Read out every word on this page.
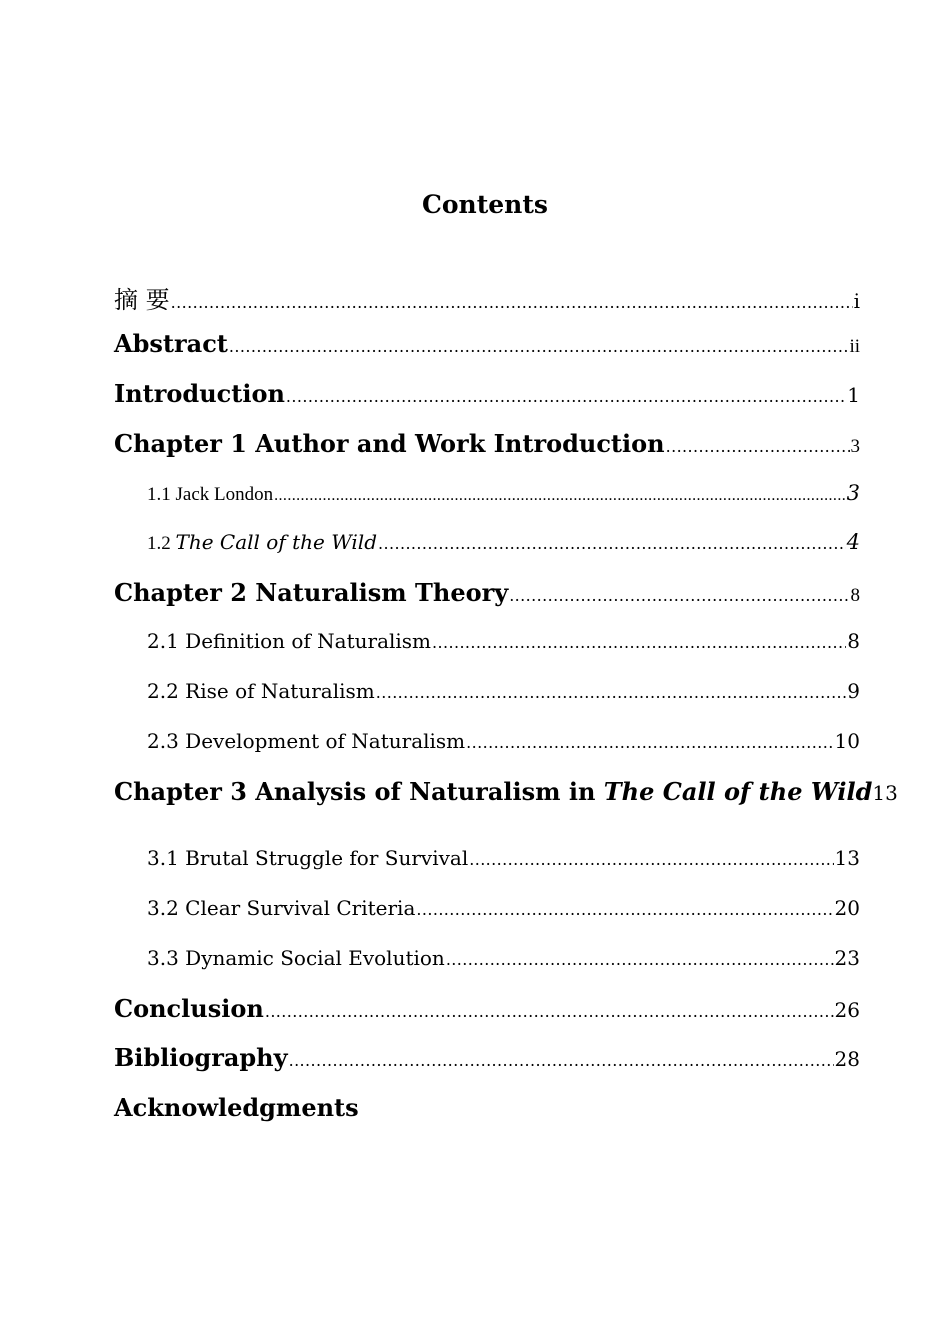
Contents
摘 要 .....	i
Abstract .....	ii
Introduction .....	1
Chapter 1 Author and Work Introduction .....	3
1.1 Jack London .....	3
1.2 The Call of the Wild .....	4
Chapter 2 Naturalism Theory .....	8
2.1 Definition of Naturalism .....	8
2.2 Rise of Naturalism .....	9
2.3 Development of Naturalism .....	10
Chapter 3 Analysis of Naturalism in The Call of the Wild 13
3.1 Brutal Struggle for Survival .....	13
3.2 Clear Survival Criteria .....	20
3.3 Dynamic Social Evolution .....	23
Conclusion .....	26
Bibliography .....	28
Acknowledgments
